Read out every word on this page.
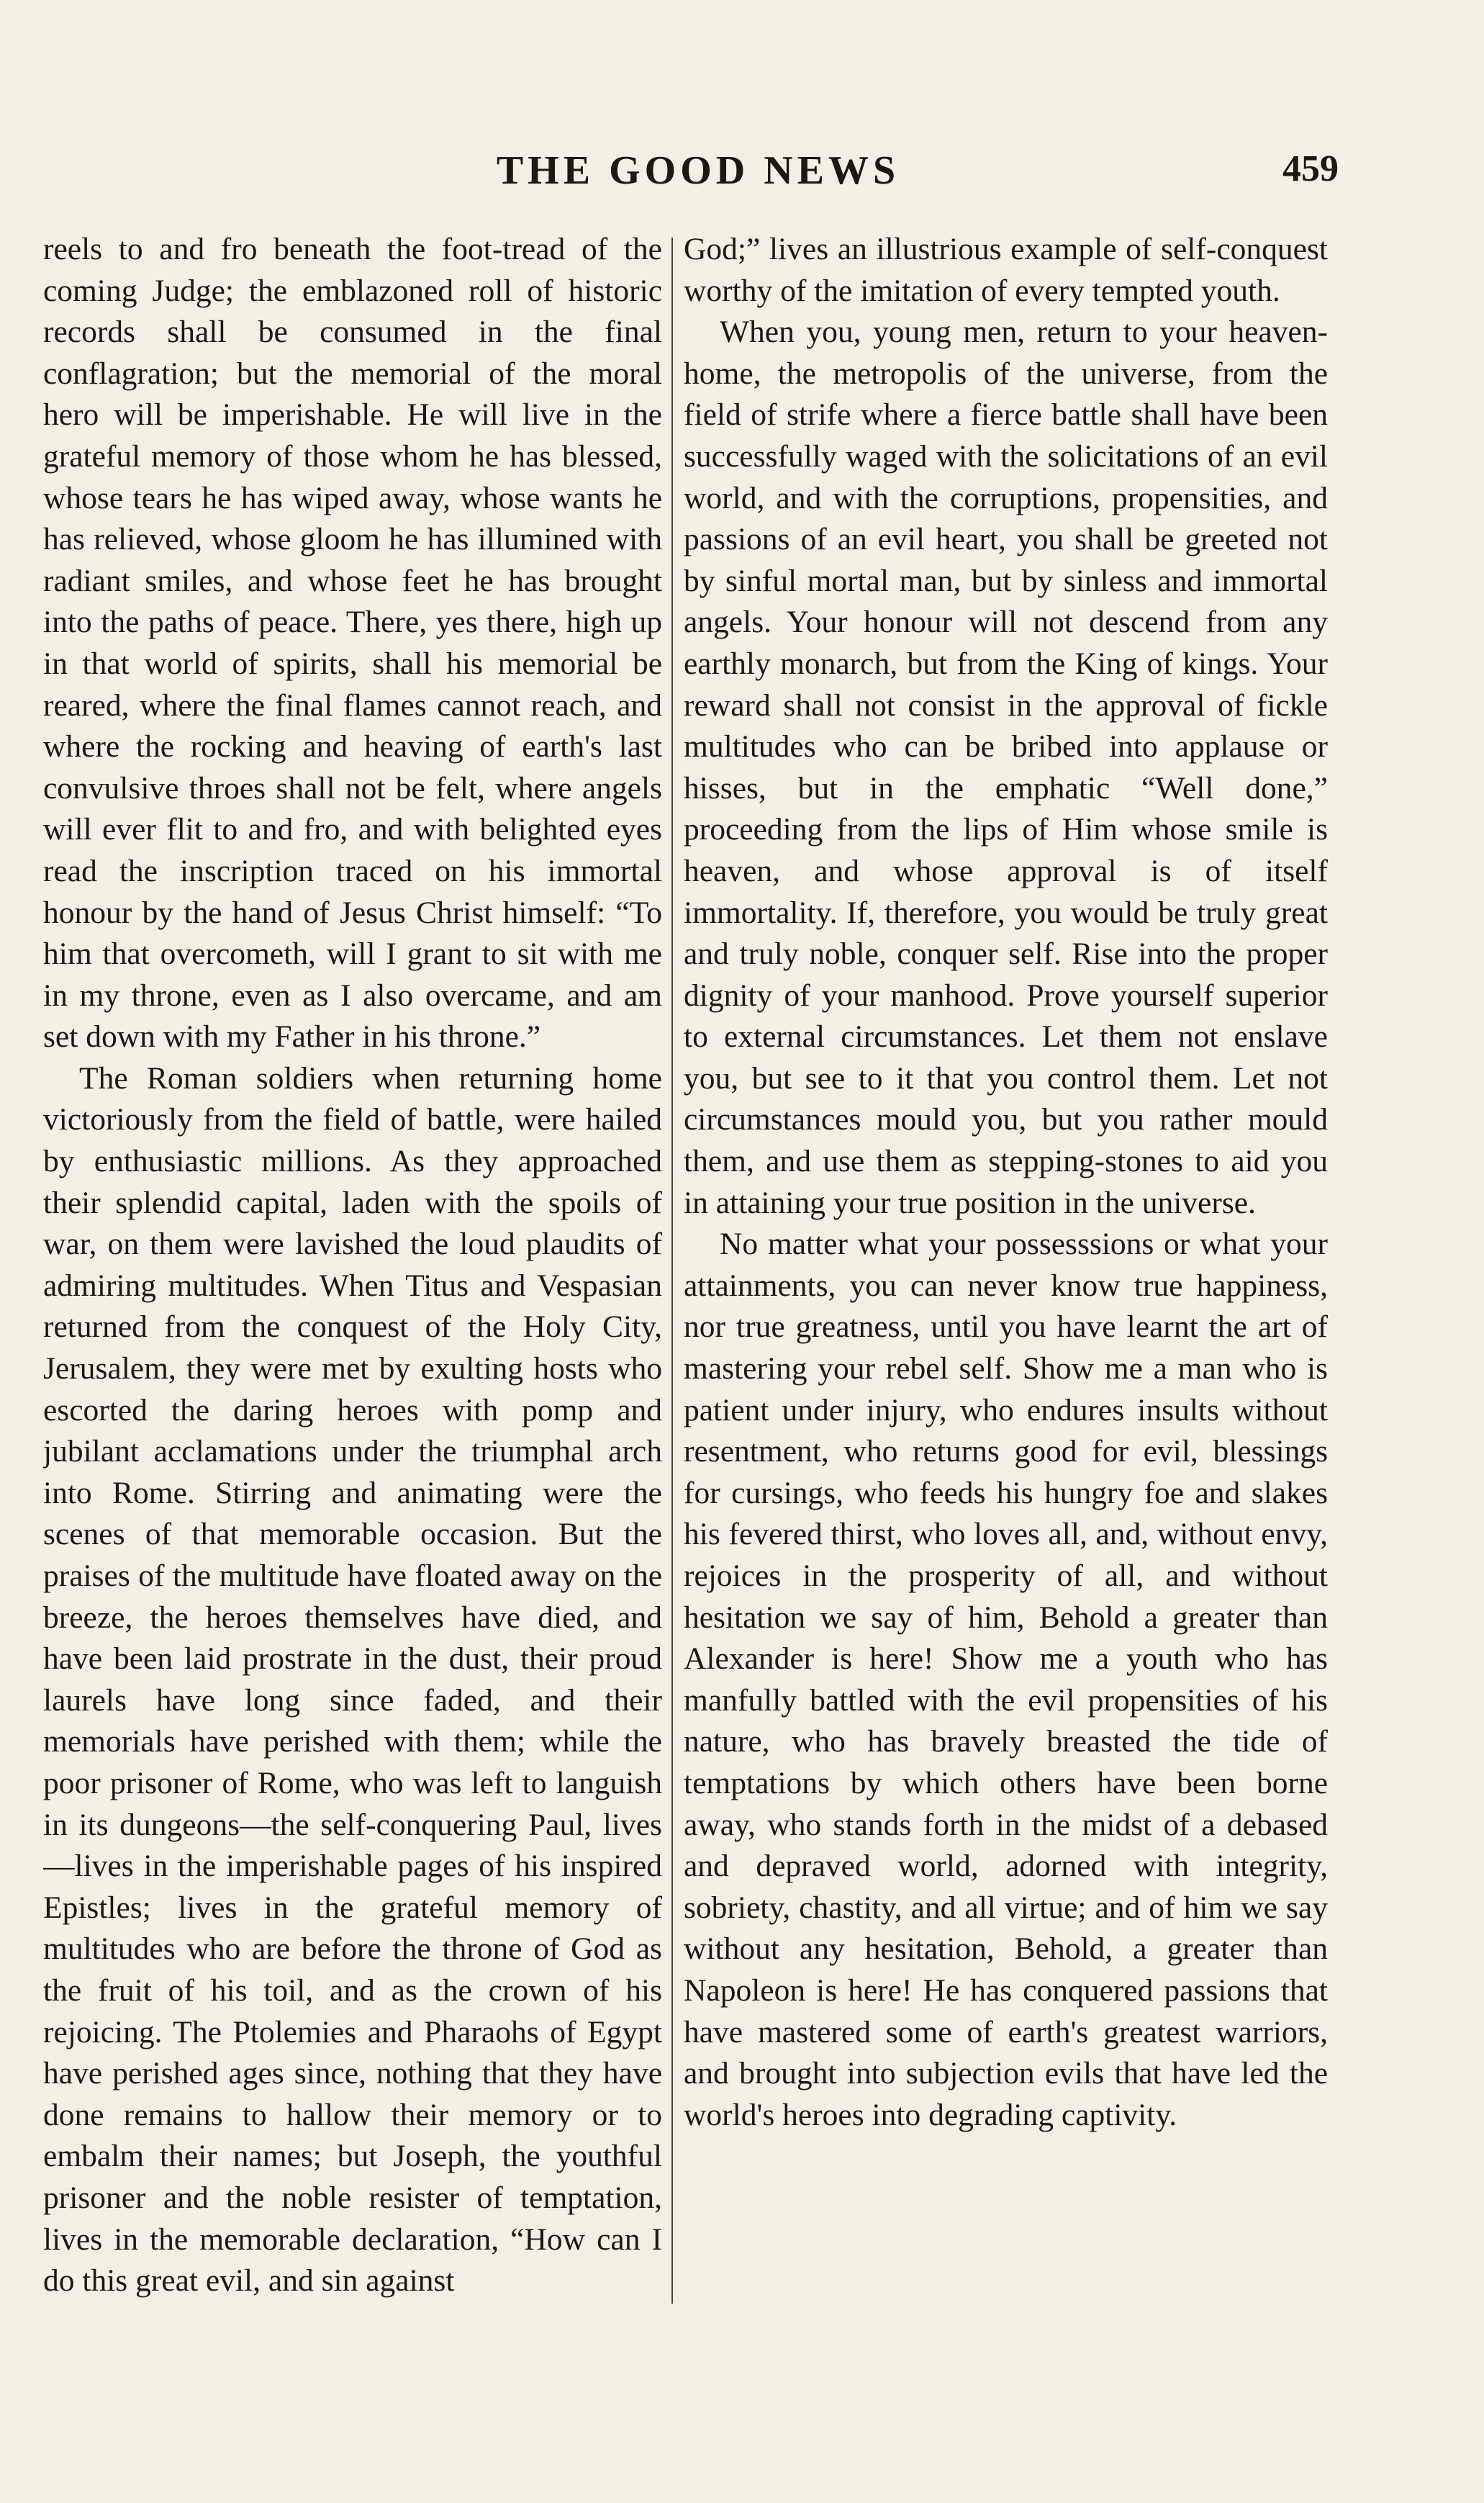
THE GOOD NEWS	459

reels to and fro beneath the foot-tread of the coming Judge; the emblazoned roll of historic records shall be consumed in the final conflagration; but the memorial of the moral hero will be imperishable. He will live in the grateful memory of those whom he has blessed, whose tears he has wiped away, whose wants he has relieved, whose gloom he has illumined with radiant smiles, and whose feet he has brought into the paths of peace. There, yes there, high up in that world of spirits, shall his memorial be reared, where the final flames cannot reach, and where the rocking and heaving of earth's last convulsive throes shall not be felt, where angels will ever flit to and fro, and with belighted eyes read the inscription traced on his immortal honour by the hand of Jesus Christ himself: “To him that overcometh, will I grant to sit with me in my throne, even as I also overcame, and am set down with my Father in his throne.”

The Roman soldiers when returning home victoriously from the field of battle, were hailed by enthusiastic millions. As they approached their splendid capital, laden with the spoils of war, on them were lavished the loud plaudits of admiring multitudes. When Titus and Vespasian returned from the conquest of the Holy City, Jerusalem, they were met by exulting hosts who escorted the daring heroes with pomp and jubilant acclamations under the triumphal arch into Rome. Stirring and animating were the scenes of that memorable occasion. But the praises of the multitude have floated away on the breeze, the heroes themselves have died, and have been laid prostrate in the dust, their proud laurels have long since faded, and their memorials have perished with them; while the poor prisoner of Rome, who was left to languish in its dungeons—the self-conquering Paul, lives—lives in the imperishable pages of his inspired Epistles; lives in the grateful memory of multitudes who are before the throne of God as the fruit of his toil, and as the crown of his rejoicing. The Ptolemies and Pharaohs of Egypt have perished ages since, nothing that they have done remains to hallow their memory or to embalm their names; but Joseph, the youthful prisoner and the noble resister of temptation, lives in the memorable declaration, “How can I do this great evil, and sin against

God;” lives an illustrious example of self-conquest worthy of the imitation of every tempted youth.

When you, young men, return to your heaven-home, the metropolis of the universe, from the field of strife where a fierce battle shall have been successfully waged with the solicitations of an evil world, and with the corruptions, propensities, and passions of an evil heart, you shall be greeted not by sinful mortal man, but by sinless and immortal angels. Your honour will not descend from any earthly monarch, but from the King of kings. Your reward shall not consist in the approval of fickle multitudes who can be bribed into applause or hisses, but in the emphatic “Well done,” proceeding from the lips of Him whose smile is heaven, and whose approval is of itself immortality. If, therefore, you would be truly great and truly noble, conquer self. Rise into the proper dignity of your manhood. Prove yourself superior to external circumstances. Let them not enslave you, but see to it that you control them. Let not circumstances mould you, but you rather mould them, and use them as stepping-stones to aid you in attaining your true position in the universe.

No matter what your possesssions or what your attainments, you can never know true happiness, nor true greatness, until you have learnt the art of mastering your rebel self. Show me a man who is patient under injury, who endures insults without resentment, who returns good for evil, blessings for cursings, who feeds his hungry foe and slakes his fevered thirst, who loves all, and, without envy, rejoices in the prosperity of all, and without hesitation we say of him, Behold a greater than Alexander is here! Show me a youth who has manfully battled with the evil propensities of his nature, who has bravely breasted the tide of temptations by which others have been borne away, who stands forth in the midst of a debased and depraved world, adorned with integrity, sobriety, chastity, and all virtue; and of him we say without any hesitation, Behold, a greater than Napoleon is here! He has conquered passions that have mastered some of earth's greatest warriors, and brought into subjection evils that have led the world's heroes into degrading captivity.
